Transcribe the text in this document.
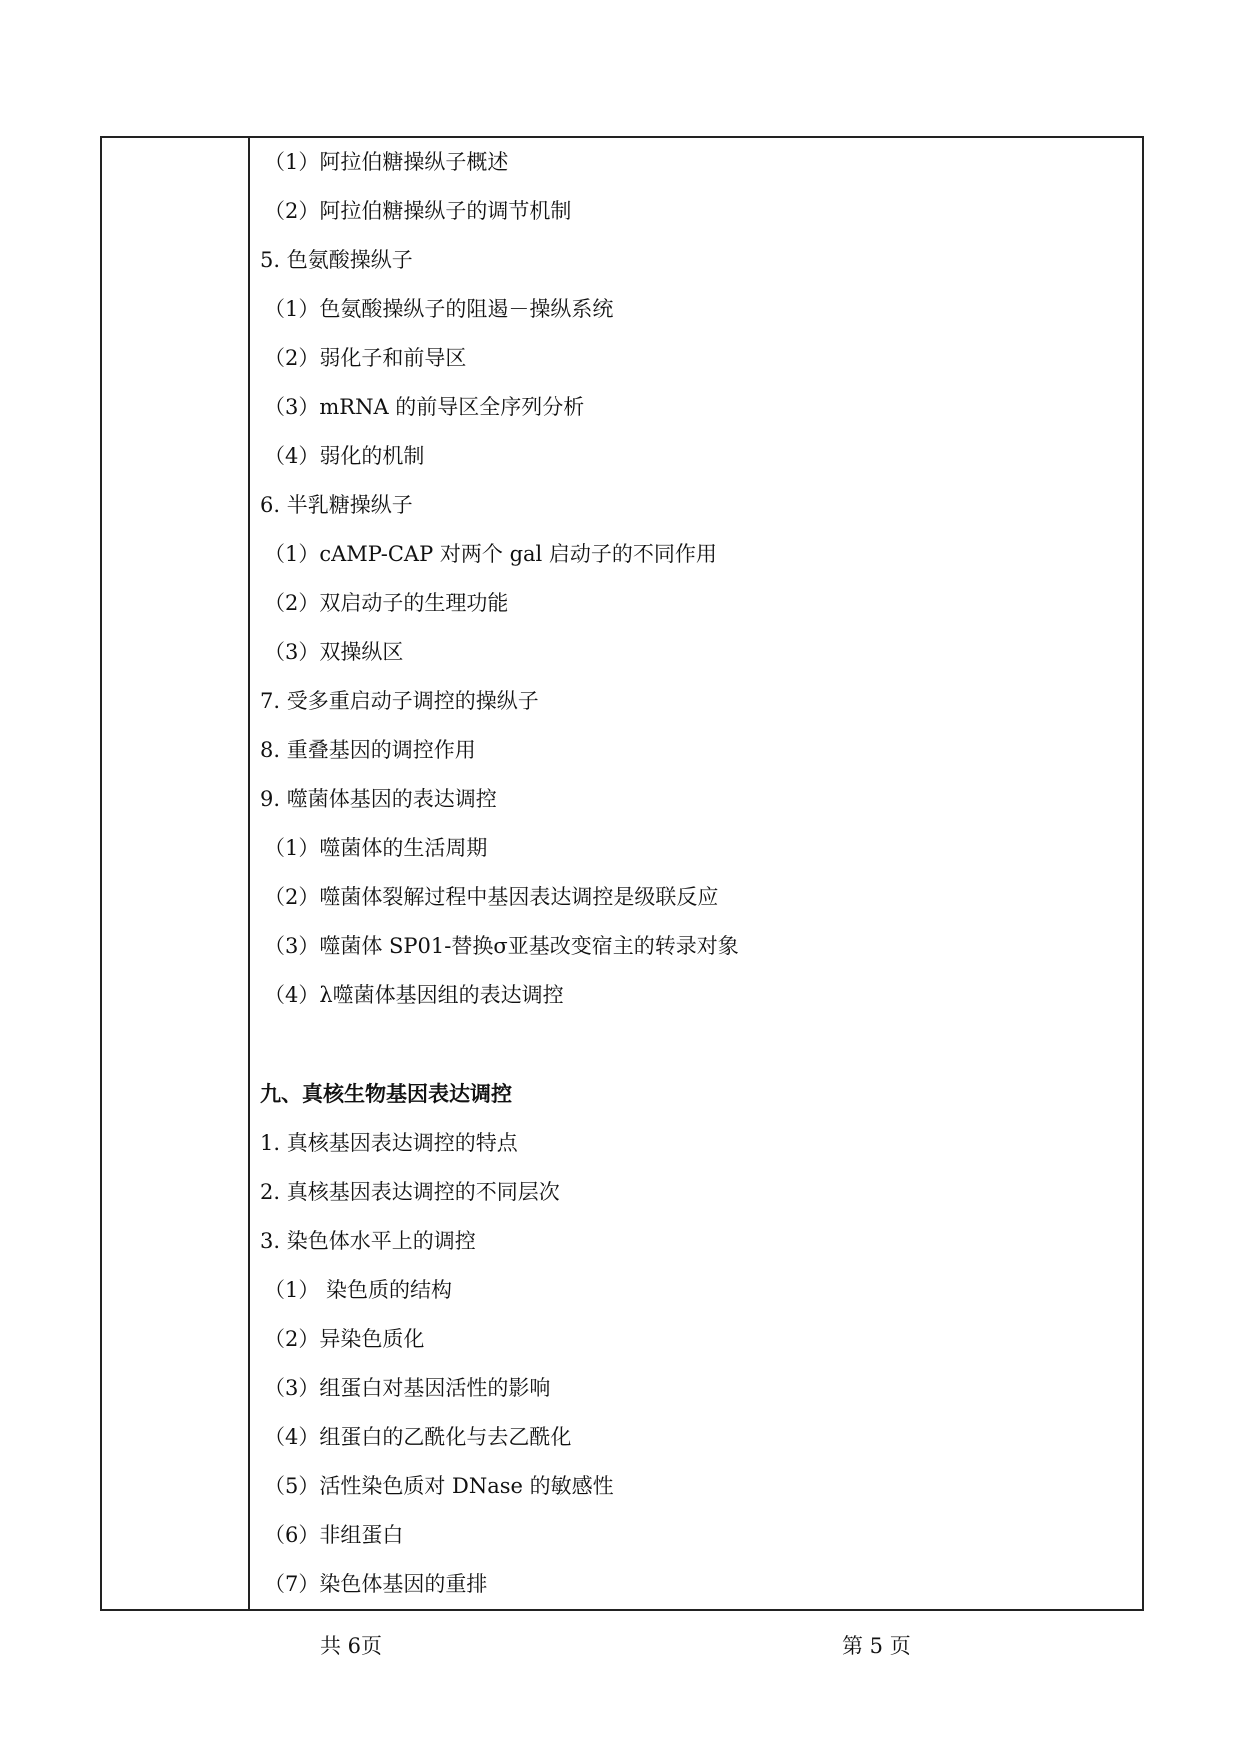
（1）阿拉伯糖操纵子概述
（2）阿拉伯糖操纵子的调节机制
5. 色氨酸操纵子
（1）色氨酸操纵子的阻遏－操纵系统
（2）弱化子和前导区
（3）mRNA 的前导区全序列分析
（4）弱化的机制
6. 半乳糖操纵子
（1）cAMP-CAP 对两个 gal 启动子的不同作用
（2）双启动子的生理功能
（3）双操纵区
7. 受多重启动子调控的操纵子
8. 重叠基因的调控作用
9. 噬菌体基因的表达调控
（1）噬菌体的生活周期
（2）噬菌体裂解过程中基因表达调控是级联反应
（3）噬菌体 SP01-替换σ亚基改变宿主的转录对象
（4）λ噬菌体基因组的表达调控
九、真核生物基因表达调控
1. 真核基因表达调控的特点
2. 真核基因表达调控的不同层次
3. 染色体水平上的调控
（1） 染色质的结构
（2）异染色质化
（3）组蛋白对基因活性的影响
（4）组蛋白的乙酰化与去乙酰化
（5）活性染色质对 DNase 的敏感性
（6）非组蛋白
（7）染色体基因的重排
共 6页	第 5 页
